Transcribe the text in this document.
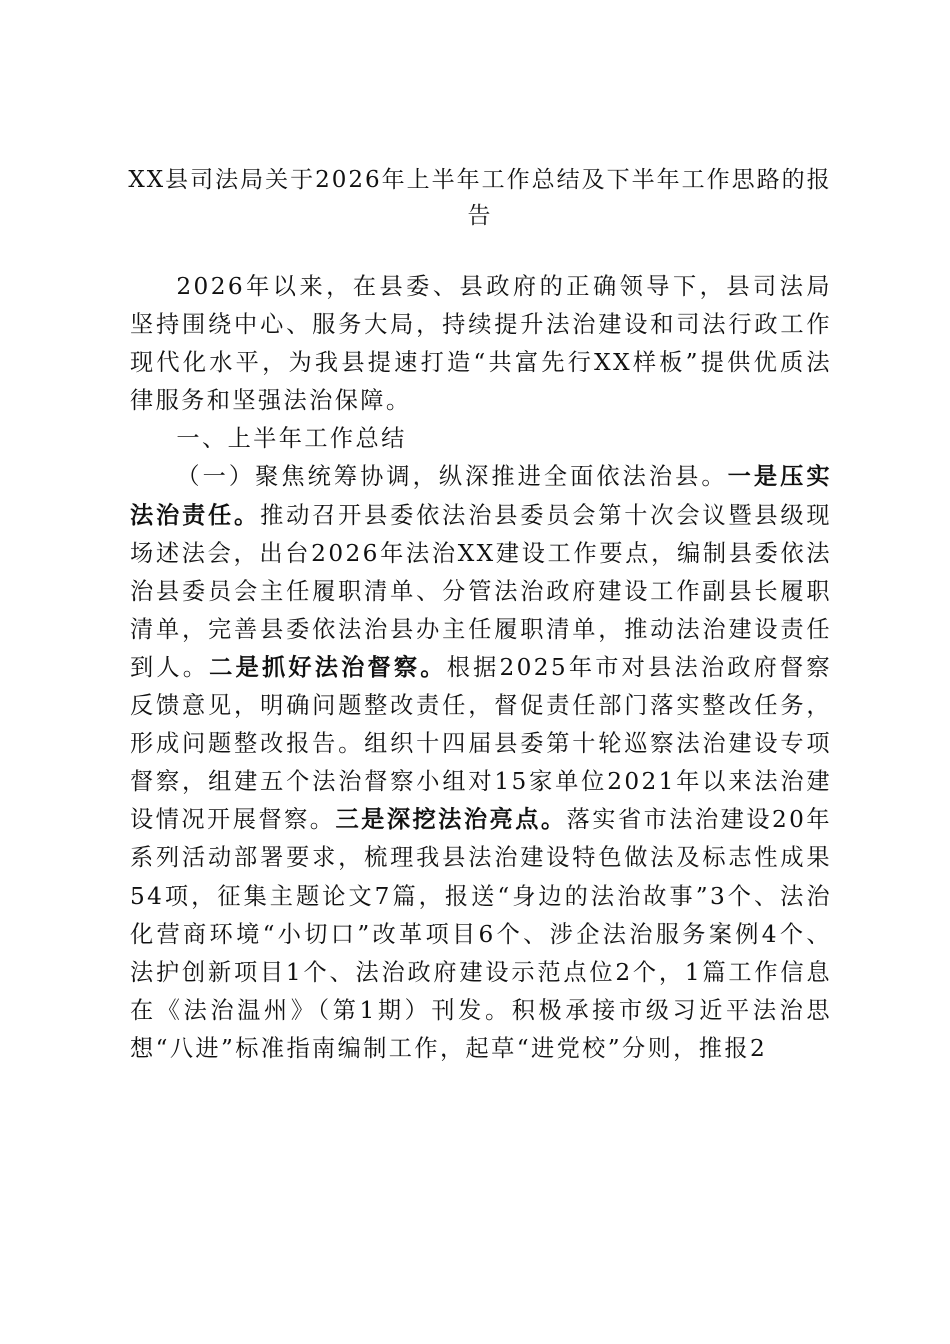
XX县司法局关于2026年上半年工作总结及下半年工作思路的报
告

2026年以来，在县委、县政府的正确领导下，县司法局坚持围绕中心、服务大局，持续提升法治建设和司法行政工作现代化水平，为我县提速打造“共富先行XX样板”提供优质法律服务和坚强法治保障。

一、上半年工作总结

（一）聚焦统筹协调，纵深推进全面依法治县。一是压实法治责任。推动召开县委依法治县委员会第十次会议暨县级现场述法会，出台2026年法治XX建设工作要点，编制县委依法治县委员会主任履职清单、分管法治政府建设工作副县长履职清单，完善县委依法治县办主任履职清单，推动法治建设责任到人。二是抓好法治督察。根据2025年市对县法治政府督察反馈意见，明确问题整改责任，督促责任部门落实整改任务，形成问题整改报告。组织十四届县委第十轮巡察法治建设专项督察，组建五个法治督察小组对15家单位2021年以来法治建设情况开展督察。三是深挖法治亮点。落实省市法治建设20年系列活动部署要求，梳理我县法治建设特色做法及标志性成果54项，征集主题论文7篇，报送“身边的法治故事”3个、法治化营商环境“小切口”改革项目6个、涉企法治服务案例4个、法护创新项目1个、法治政府建设示范点位2个，1篇工作信息在《法治温州》（第1期）刊发。积极承接市级习近平法治思想“八进”标准指南编制工作，起草“进党校”分则，推报2
